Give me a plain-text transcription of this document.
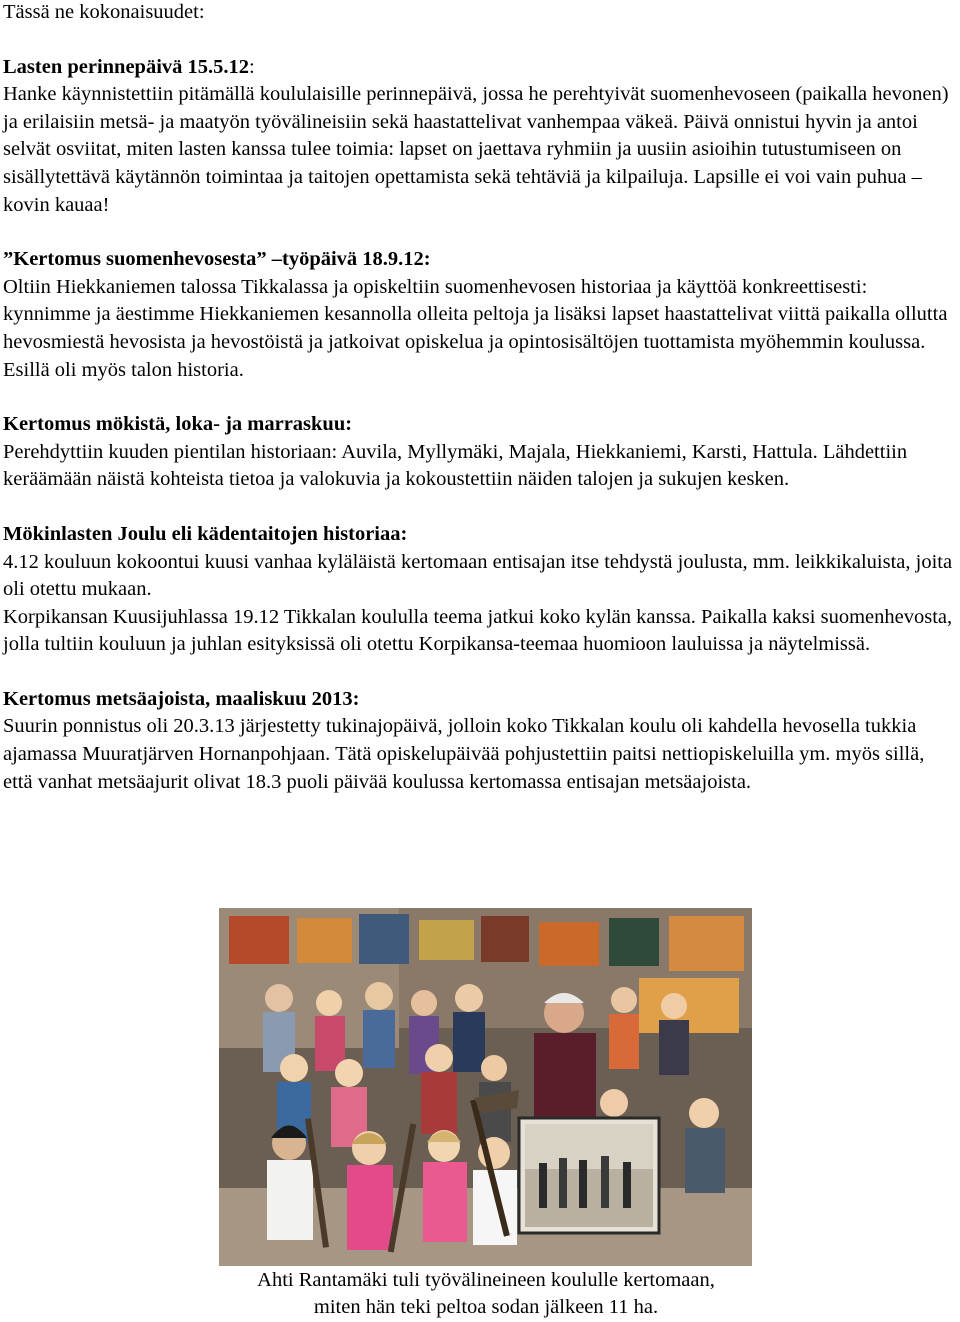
Tässä ne kokonaisuudet:

Lasten perinnepäivä 15.5.12:

Hanke käynnistettiin pitämällä koululaisille perinnepäivä, jossa he perehtyivät suomenhevoseen (paikalla hevonen) ja erilaisiin metsä- ja maatyön työvälineisiin sekä haastattelivat vanhempaa väkeä. Päivä onnistui hyvin ja antoi selvät osviitat, miten lasten kanssa tulee toimia: lapset on jaettava ryhmiin ja uusiin asioihin tutustumiseen on sisällytettävä käytännön toimintaa ja taitojen opettamista sekä tehtäviä ja kilpailuja. Lapsille ei voi vain puhua – kovin kauaa!

”Kertomus suomenhevosesta” –työpäivä 18.9.12:

Oltiin Hiekkaniemen talossa Tikkalassa ja opiskeltiin suomenhevosen historiaa ja käyttöä konkreettisesti: kynnimme ja äestimme Hiekkaniemen kesannolla olleita peltoja ja lisäksi lapset haastattelivat viittä paikalla ollutta hevosmiestä hevosista ja hevostöistä ja jatkoivat opiskelua ja opintosisältöjen tuottamista myöhemmin koulussa. Esillä oli myös talon historia.

Kertomus mökistä, loka- ja marraskuu:

Perehdyttiin kuuden pientilan historiaan: Auvila, Myllymäki, Majala, Hiekkaniemi, Karsti, Hattula. Lähdettiin keräämään näistä kohteista tietoa ja valokuvia ja kokoustettiin näiden talojen ja sukujen kesken.

Mökinlasten Joulu eli kädentaitojen historiaa:

4.12 kouluun kokoontui kuusi vanhaa kyläläistä kertomaan entisajan itse tehdystä joulusta, mm. leikkikaluista, joita oli otettu mukaan.

Korpikansan Kuusijuhlassa 19.12 Tikkalan koululla teema jatkui koko kylän kanssa. Paikalla kaksi suomenhevosta, jolla tultiin kouluun ja juhlan esityksissä oli otettu Korpikansa-teemaa huomioon lauluissa ja näytelmissä.

Kertomus metsäajoista, maaliskuu 2013:

Suurin ponnistus oli 20.3.13 järjestetty tukinajopäivä, jolloin koko Tikkalan koulu oli kahdella hevosella tukkia ajamassa Muuratjärven Hornanpohjaan. Tätä opiskelupäivää pohjustettiin paitsi nettiopiskeluilla ym. myös sillä, että vanhat metsäajurit olivat 18.3 puoli päivää koulussa kertomassa entisajan metsäajoista.

Ahti Rantamäki tuli työvälineineen koululle kertomaan,

miten hän teki peltoa sodan jälkeen 11 ha.
